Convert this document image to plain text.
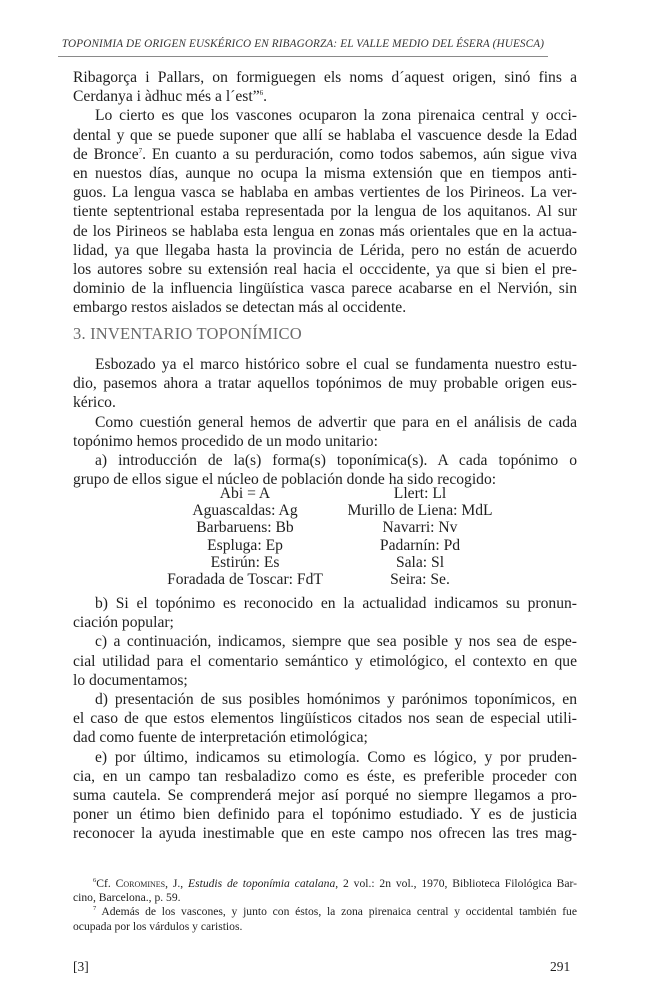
TOPONIMIA DE ORIGEN EUSKÉRICO EN RIBAGORZA: EL VALLE MEDIO DEL ÉSERA (HUESCA)
Ribagorça i Pallars, on formiguegen els noms d´aquest origen, sinó fins a
Cerdanya i àdhuc més a l´est”$^6$.
Lo cierto es que los vascones ocuparon la zona pirenaica central y occi-
dental y que se puede suponer que allí se hablaba el vascuence desde la Edad
de Bronce$^7$. En cuanto a su perduración, como todos sabemos, aún sigue viva
en nuestos días, aunque no ocupa la misma extensión que en tiempos anti-
guos. La lengua vasca se hablaba en ambas vertientes de los Pirineos. La ver-
tiente septentrional estaba representada por la lengua de los aquitanos. Al sur
de los Pirineos se hablaba esta lengua en zonas más orientales que en la actua-
lidad, ya que llegaba hasta la provincia de Lérida, pero no están de acuerdo
los autores sobre su extensión real hacia el occcidente, ya que si bien el pre-
dominio de la influencia lingüística vasca parece acabarse en el Nervión, sin
embargo restos aislados se detectan más al occidente.
3. INVENTARIO TOPONÍMICO
Esbozado ya el marco histórico sobre el cual se fundamenta nuestro estu-
dio, pasemos ahora a tratar aquellos topónimos de muy probable origen eus-
kérico.
Como cuestión general hemos de advertir que para en el análisis de cada
topónimo hemos procedido de un modo unitario:
a) introducción de la(s) forma(s) toponímica(s). A cada topónimo o
grupo de ellos sigue el núcleo de población donde ha sido recogido:
Abi = A
Aguascaldas: Ag
Barbaruens: Bb
Espluga: Ep
Estirún: Es
Foradada de Toscar: FdT
Llert: Ll
Murillo de Liena: MdL
Navarri: Nv
Padarnín: Pd
Sala: Sl
Seira: Se.
b) Si el topónimo es reconocido en la actualidad indicamos su pronun-
ciación popular;
c) a continuación, indicamos, siempre que sea posible y nos sea de espe-
cial utilidad para el comentario semántico y etimológico, el contexto en que
lo documentamos;
d) presentación de sus posibles homónimos y parónimos toponímicos, en
el caso de que estos elementos lingüísticos citados nos sean de especial utili-
dad como fuente de interpretación etimológica;
e) por último, indicamos su etimología. Como es lógico, y por pruden-
cia, en un campo tan resbaladizo como es éste, es preferible proceder con
suma cautela. Se comprenderá mejor así porqué no siempre llegamos a pro-
poner un étimo bien definido para el topónimo estudiado. Y es de justicia
reconocer la ayuda inestimable que en este campo nos ofrecen las tres mag-
$^6$Cf. Coromines, J., Estudis de toponímia catalana, 2 vol.: 2n vol., 1970, Biblioteca Filológica Bar-
cino, Barcelona., p. 59.
$^7$ Además de los vascones, y junto con éstos, la zona pirenaica central y occidental también fue
ocupada por los várdulos y caristios.
[3]	291
